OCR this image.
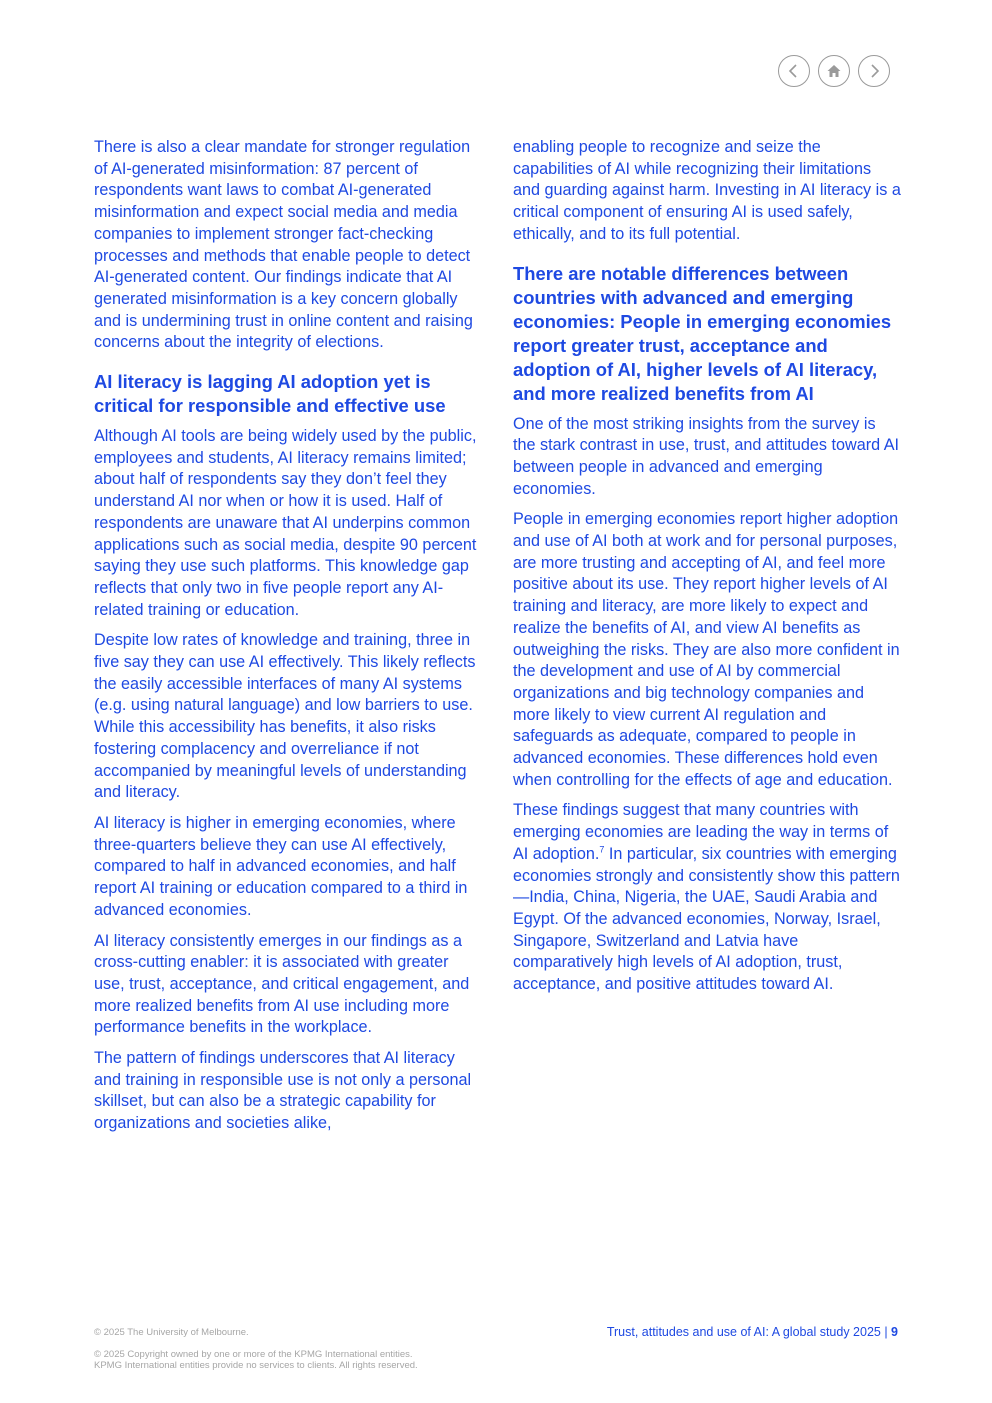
There is also a clear mandate for stronger regulation of AI-generated misinformation: 87 percent of respondents want laws to combat AI-generated misinformation and expect social media and media companies to implement stronger fact-checking processes and methods that enable people to detect AI-generated content. Our findings indicate that AI generated misinformation is a key concern globally and is undermining trust in online content and raising concerns about the integrity of elections.

AI literacy is lagging AI adoption yet is critical for responsible and effective use

Although AI tools are being widely used by the public, employees and students, AI literacy remains limited; about half of respondents say they don’t feel they understand AI nor when or how it is used. Half of respondents are unaware that AI underpins common applications such as social media, despite 90 percent saying they use such platforms. This knowledge gap reflects that only two in five people report any AI-related training or education.

Despite low rates of knowledge and training, three in five say they can use AI effectively. This likely reflects the easily accessible interfaces of many AI systems (e.g. using natural language) and low barriers to use. While this accessibility has benefits, it also risks fostering complacency and overreliance if not accompanied by meaningful levels of understanding and literacy.

AI literacy is higher in emerging economies, where three-quarters believe they can use AI effectively, compared to half in advanced economies, and half report AI training or education compared to a third in advanced economies.

AI literacy consistently emerges in our findings as a cross-cutting enabler: it is associated with greater use, trust, acceptance, and critical engagement, and more realized benefits from AI use including more performance benefits in the workplace.

The pattern of findings underscores that AI literacy and training in responsible use is not only a personal skillset, but can also be a strategic capability for organizations and societies alike,

enabling people to recognize and seize the capabilities of AI while recognizing their limitations and guarding against harm. Investing in AI literacy is a critical component of ensuring AI is used safely, ethically, and to its full potential.

There are notable differences between countries with advanced and emerging economies: People in emerging economies report greater trust, acceptance and adoption of AI, higher levels of AI literacy, and more realized benefits from AI

One of the most striking insights from the survey is the stark contrast in use, trust, and attitudes toward AI between people in advanced and emerging economies.

People in emerging economies report higher adoption and use of AI both at work and for personal purposes, are more trusting and accepting of AI, and feel more positive about its use. They report higher levels of AI training and literacy, are more likely to expect and realize the benefits of AI, and view AI benefits as outweighing the risks. They are also more confident in the development and use of AI by commercial organizations and big technology companies and more likely to view current AI regulation and safeguards as adequate, compared to people in advanced economies. These differences hold even when controlling for the effects of age and education.

These findings suggest that many countries with emerging economies are leading the way in terms of AI adoption.$^7$ In particular, six countries with emerging economies strongly and consistently show this pattern—India, China, Nigeria, the UAE, Saudi Arabia and Egypt. Of the advanced economies, Norway, Israel, Singapore, Switzerland and Latvia have comparatively high levels of AI adoption, trust, acceptance, and positive attitudes toward AI.

© 2025 The University of Melbourne.
© 2025 Copyright owned by one or more of the KPMG International entities.
KPMG International entities provide no services to clients. All rights reserved.
Trust, attitudes and use of AI: A global study 2025 | 9
